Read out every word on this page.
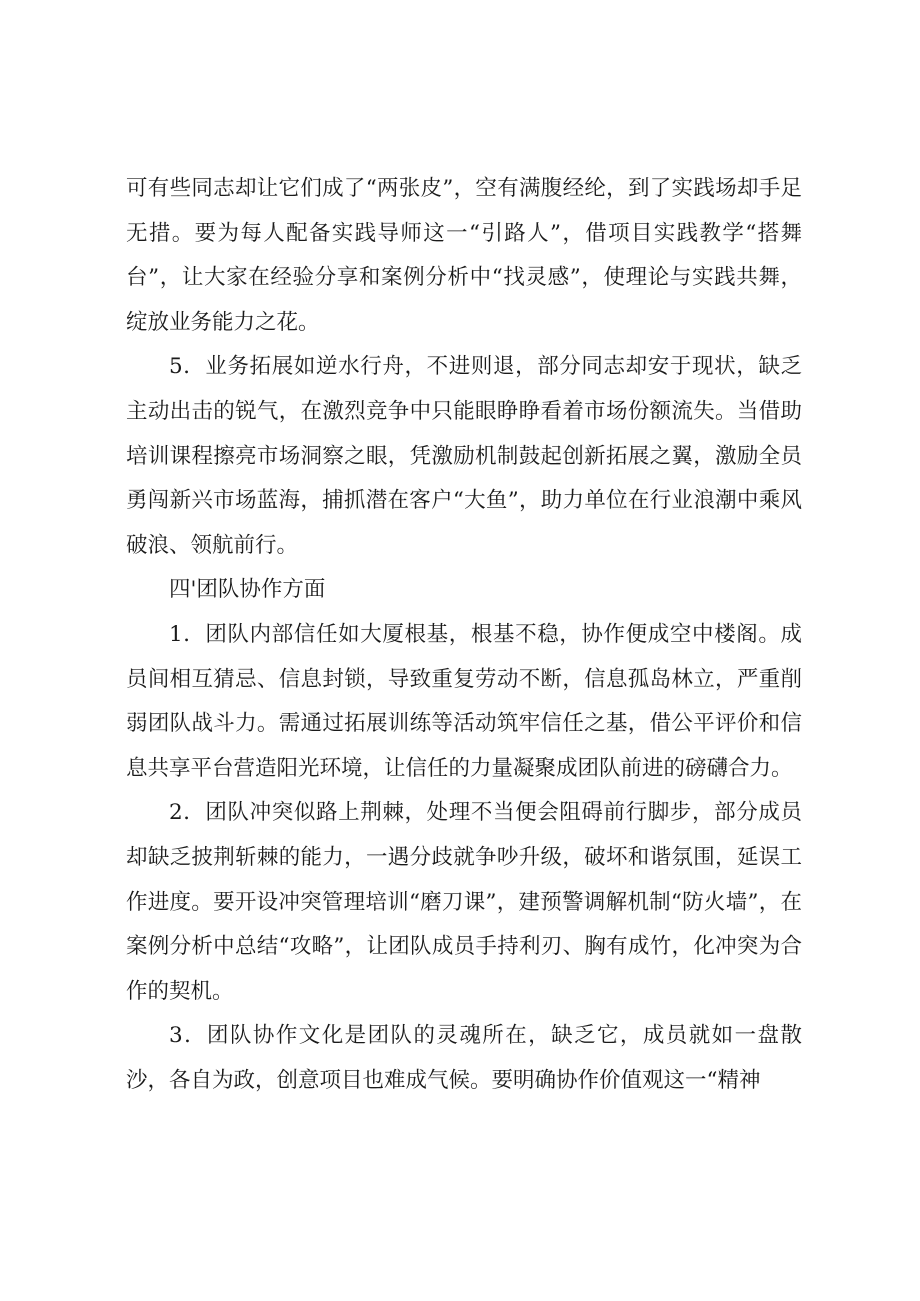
可有些同志却让它们成了“两张皮”，空有满腹经纶，到了实践场却手足无措。要为每人配备实践导师这一“引路人”，借项目实践教学“搭舞台”，让大家在经验分享和案例分析中“找灵感”，使理论与实践共舞，绽放业务能力之花。

5．业务拓展如逆水行舟，不进则退，部分同志却安于现状，缺乏主动出击的锐气，在激烈竞争中只能眼睁睁看着市场份额流失。当借助培训课程擦亮市场洞察之眼，凭激励机制鼓起创新拓展之翼，激励全员勇闯新兴市场蓝海，捕抓潜在客户“大鱼”，助力单位在行业浪潮中乘风破浪、领航前行。

四'团队协作方面

1．团队内部信任如大厦根基，根基不稳，协作便成空中楼阁。成员间相互猜忌、信息封锁，导致重复劳动不断，信息孤岛林立，严重削弱团队战斗力。需通过拓展训练等活动筑牢信任之基，借公平评价和信息共享平台营造阳光环境，让信任的力量凝聚成团队前进的磅礴合力。

2．团队冲突似路上荆棘，处理不当便会阻碍前行脚步，部分成员却缺乏披荆斩棘的能力，一遇分歧就争吵升级，破坏和谐氛围，延误工作进度。要开设冲突管理培训“磨刀课”，建预警调解机制“防火墙”，在案例分析中总结“攻略”，让团队成员手持利刃、胸有成竹，化冲突为合作的契机。

3．团队协作文化是团队的灵魂所在，缺乏它，成员就如一盘散沙，各自为政，创意项目也难成气候。要明确协作价值观这一“精神
